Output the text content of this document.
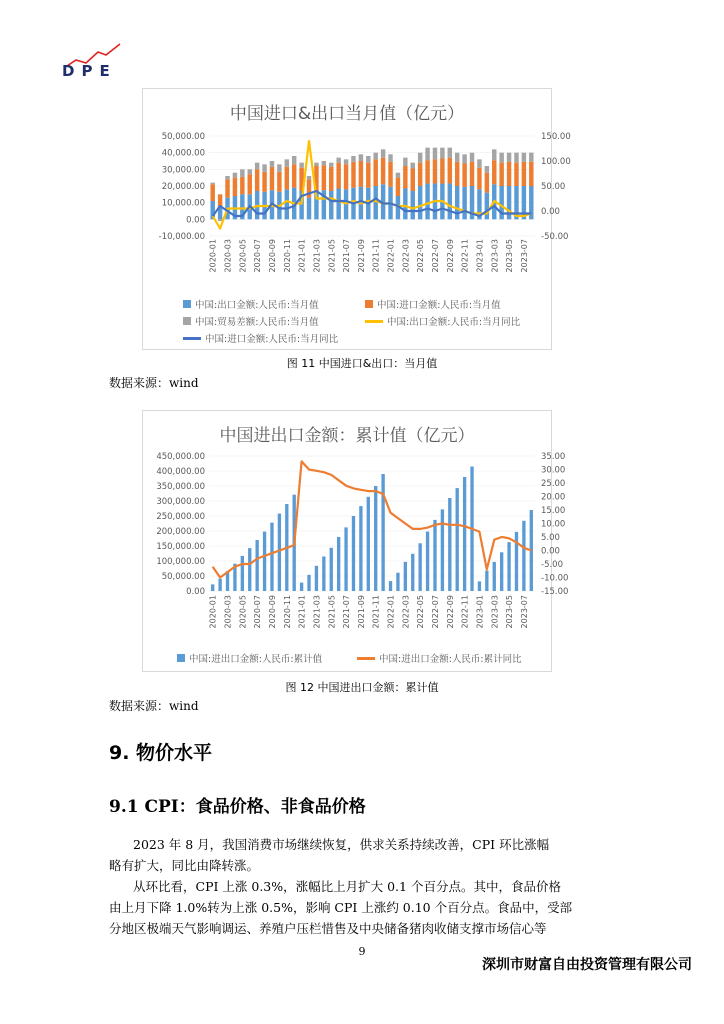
DPE
中国进口&出口当月值（亿元）
50,000.00
40,000.00
30,000.00
20,000.00
10,000.00
0.00
-10,000.00
150.00
100.00
50.00
0.00
-50.00
2020-01 2020-03 2020-05 2020-07 2020-09 2020-11 2021-01 2021-03 2021-05 2021-07 2021-09 2021-11 2022-01 2022-03 2022-05 2022-07 2022-09 2022-11 2023-01 2023-03 2023-05 2023-07
中国:出口金额:人民币:当月值	中国:进口金额:人民币:当月值
中国:贸易差额:人民币:当月值	中国:出口金额:人民币:当月同比
中国:进口金额:人民币:当月同比
图 11 中国进口&出口：当月值
数据来源：wind
中国进出口金额：累计值（亿元）
450,000.00
400,000.00
350,000.00
300,000.00
250,000.00
200,000.00
150,000.00
100,000.00
50,000.00
0.00
35.00
30.00
25.00
20.00
15.00
10.00
5.00
0.00
-5.00
-10.00
-15.00
2020-01 2020-03 2020-05 2020-07 2020-09 2020-11 2021-01 2021-03 2021-05 2021-07 2021-09 2021-11 2022-01 2022-03 2022-05 2022-07 2022-09 2022-11 2023-01 2023-03 2023-05 2023-07
中国:进出口金额:人民币:累计值	中国:进出口金额:人民币:累计同比
图 12 中国进出口金额：累计值
数据来源：wind
9. 物价水平
9.1 CPI：食品价格、非食品价格
2023 年 8 月，我国消费市场继续恢复，供求关系持续改善，CPI 环比涨幅
略有扩大，同比由降转涨。
从环比看，CPI 上涨 0.3%，涨幅比上月扩大 0.1 个百分点。其中，食品价格
由上月下降 1.0%转为上涨 0.5%，影响 CPI 上涨约 0.10 个百分点。食品中，受部
分地区极端天气影响调运、养殖户压栏惜售及中央储备猪肉收储支撑市场信心等
9
深圳市财富自由投资管理有限公司
